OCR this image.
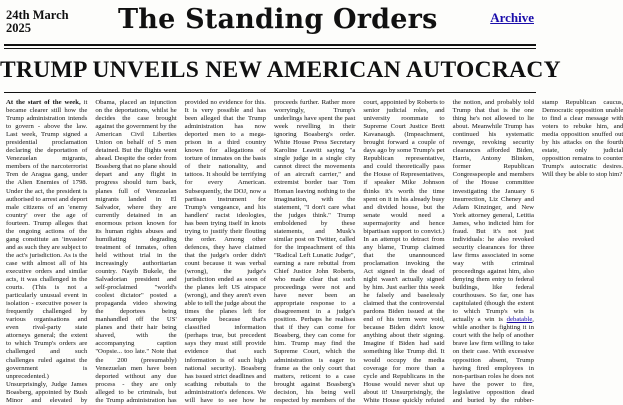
24th March 2025	The Standing Orders	Archive
TRUMP UNVEILS NEW AMERICAN AUTOCRACY

At the start of the week, it became clearer still how the Trump administration intends to govern - above the law. Last week, Trump signed a presidential proclamation declaring the deportation of Venezuelan migrants, members of the narcoterrorist Tren de Aragua gang, under the Alien Enemies of 1798. Under the act, the president is authorised to arrest and deport male citizens of an 'enemy country' over the age of fourteen. Trump alleges that the ongoing actions of the gang constitute an 'invasion' and as such they are subject to the act's jurisdiction. As is the case with almost all of his executive orders and similar acts, it was challenged in the courts. (This is not a particularly unusual event in isolation - executive power is frequently challenged by various organisations and even rival-party state attorneys general; the extent to which Trump's orders are challenged and such challenges ruled against the government is unprecedented.) Unsurprisingly, Judge James Boasberg, appointed by Bush Minor and elevated by Obama, placed an injunction on the deportations, whilst he decides the case brought against the government by the American Civil Liberties Union on behalf of 5 men detained. But the flights went ahead. Despite the order from Boasberg that no plane should depart and any flight in progress should turn back, planes full of Venezuelan migrants landed in El Salvador, where they are currently detained in an enormous prison known for its human rights abuses and humiliating degrading treatment of inmates, often held without trial in the increasingly authoritarian country. Nayib Bukele, the Salvadorian president and self-proclaimed "world's coolest dictator" posted a propaganda video showing the deportees being manhandled off the US' planes and their hair being shaved, with the accompanying caption "Oopsie... too late." Note that the 200 (presumably) Venezuelan men have been deported without any due process - they are only alleged to be criminals, but the Trump administration has provided no evidence for this. It is very possible and has been alleged that the Trump administration has now deported men to a mega-prison in a third country known for allegations of torture of inmates on the basis of their nationality, and tattoos. It should be terrifying for every American. Subsequently, the DOJ, now a partisan instrument for Trump's vengeance, and his handlers' racist ideologies, has been trying itself in knots trying to justify their flouting the order. Among other defences, they have claimed that the judge's order didn't count because it was verbal (wrong), the judge's jurisdiction ended as soon of the planes left US airspace (wrong), and they aren't even able to tell the judge about the times the planes left for example because that's classified information (perhaps true, but precedent says they must still provide evidence that such information is of such high national security). Boasberg has issued strict deadlines and scathing rebuttals to the administration's defences. We will have to see how he proceeds further. Rather more worryingly, Trump's underlings have spent the past week revelling in their ignoring Boasberg's order. White House Press Secretary Karoline Leavitt saying "a single judge in a single city cannot direct the movements of an aircraft carrier," and extremist border tsar Tom Homan leaving nothing to the imagination, with the statement, "I don't care what the judges think." Trump emboldened by these statements, and Musk's similar post on Twitter, called for the impeachment of this "Radical Left Lunatic Judge", earning a rare rebuttal from Chief Justice John Roberts, who made clear that such proceedings were not and have never been an appropriate response to a disagreement in a judge's position. Perhaps he realises that if they can come for Boasberg, they can come for him. Trump may find the Supreme Court, which the administration is eager to frame as the only court that matters, reticent to a case brought against Boasberg's decision, his being well respected by members of the court, appointed by Roberts to senior judicial roles, and university roommate to Supreme Court Justice Brett Kavanaugh. (Impeachment, brought forward a couple of days ago by some Trump's pet Republican representative, and could theoretically pass the House of Representatives, if speaker Mike Johnson thinks it's worth the time spent on it in his already busy and divided house, but the senate would need a supermajority and hence bipartisan support to convict.) In an attempt to detract from any blame, Trump claimed that the unannounced proclamation invoking the Act signed in the dead of night wasn't actually signed by him. Just earlier this week he falsely and baselessly claimed that the controversial pardons Biden issued at the end of his term were void, because Biden didn't know anything about their signing. Imagine if Biden had said something like Trump did. It would occupy the media coverage for more than a cycle and Republicans in the House would never shut up about it! Unsurprisingly, the White House quickly refuted the notion, and probably told Trump that that is the one thing he's not allowed to lie about. Meanwhile Trump has continued his systematic revenge, revoking security clearances afforded Biden, Harris, Antony Blinken, former Republican Congresspeople and members of the House committee investigating the January 6 insurrection, Liz Cheney and Adam Kinzinger, and New York attorney general, Letitia James, who indicted him for fraud. But it's not just individuals: he also revoked security clearances for three law firms associated in some way with criminal proceedings against him, also denying them entry to federal buildings, like federal courthouses. So far, one has capitulated (though the extent to which Trump's win is actually a win is debatable, while another is fighting it in court with the help of another brave law firm willing to take on their case. With excessive opposition absent, Trump having fired employees in non-partisan roles he does not have the power to fire, legislative opposition dead and buried by the rubber-stamp Republican caucus, Democratic opposition unable to find a clear message with voters to rebuke him, and media opposition snuffed out by his attacks on the fourth estate, only judicial opposition remains to counter Trump's autocratic desires. Will they be able to stop him?
